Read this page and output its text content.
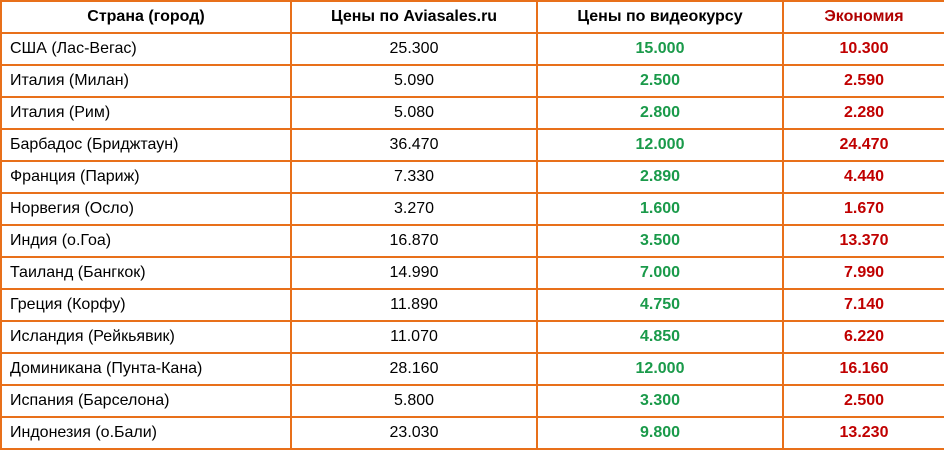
Страна (город)	Цены по Aviasales.ru	Цены по видеокурсу	Экономия
США (Лас-Вегас)	25.300	15.000	10.300
Италия (Милан)	5.090	2.500	2.590
Италия (Рим)	5.080	2.800	2.280
Барбадос (Бриджтаун)	36.470	12.000	24.470
Франция (Париж)	7.330	2.890	4.440
Норвегия (Осло)	3.270	1.600	1.670
Индия (о.Гоа)	16.870	3.500	13.370
Таиланд (Бангкок)	14.990	7.000	7.990
Греция (Корфу)	11.890	4.750	7.140
Исландия (Рейкьявик)	11.070	4.850	6.220
Доминикана (Пунта-Кана)	28.160	12.000	16.160
Испания (Барселона)	5.800	3.300	2.500
Индонезия (о.Бали)	23.030	9.800	13.230
